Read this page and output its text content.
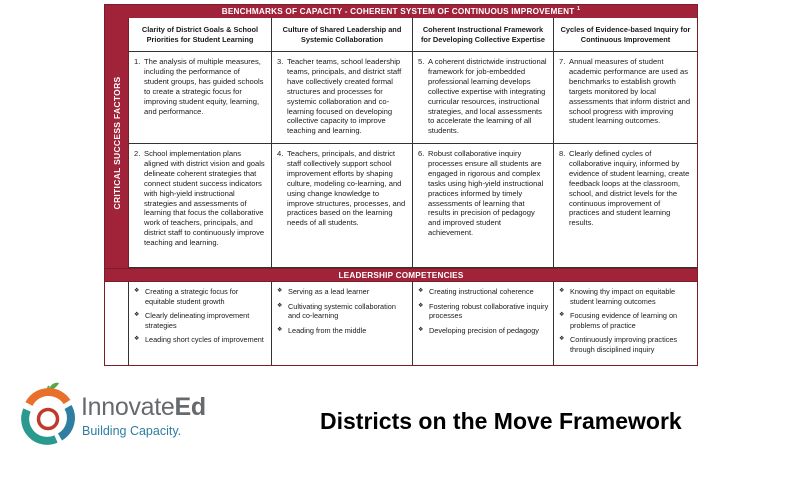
BENCHMARKS OF CAPACITY - COHERENT SYSTEM OF CONTINUOUS IMPROVEMENT $^1$
CRITICAL SUCCESS FACTORS
Clarity of District Goals & School Priorities for Student Learning
Culture of Shared Leadership and Systemic Collaboration
Coherent Instructional Framework for Developing Collective Expertise
Cycles of Evidence-based Inquiry for Continuous Improvement
1. The analysis of multiple measures, including the performance of student groups, has guided schools to create a strategic focus for improving student equity, learning, and performance.
3. Teacher teams, school leadership teams, principals, and district staff have collectively created formal structures and processes for systemic collaboration and co-learning focused on developing collective capacity to improve teaching and learning.
5. A coherent districtwide instructional framework for job-embedded professional learning develops collective expertise with integrating curricular resources, instructional strategies, and local assessments to accelerate the learning of all students.
7. Annual measures of student academic performance are used as benchmarks to establish growth targets monitored by local assessments that inform district and school progress with improving student learning outcomes.
2. School implementation plans aligned with district vision and goals delineate coherent strategies that connect student success indicators with high-yield instructional strategies and assessments of learning that focus the collaborative work of teachers, principals, and district staff to continuously improve teaching and learning.
4. Teachers, principals, and district staff collectively support school improvement efforts by shaping culture, modeling co-learning, and using change knowledge to improve structures, processes, and practices based on the learning needs of all students.
6. Robust collaborative inquiry processes ensure all students are engaged in rigorous and complex tasks using high-yield instructional practices informed by timely assessments of learning that results in precision of pedagogy and improved student achievement.
8. Clearly defined cycles of collaborative inquiry, informed by evidence of student learning, create feedback loops at the classroom, school, and district levels for the continuous improvement of practices and student learning results.
LEADERSHIP COMPETENCIES
❖ Creating a strategic focus for equitable student growth
❖ Clearly delineating improvement strategies
❖ Leading short cycles of improvement
❖ Serving as a lead learner
❖ Cultivating systemic collaboration and co-learning
❖ Leading from the middle
❖ Creating instructional coherence
❖ Fostering robust collaborative inquiry processes
❖ Developing precision of pedagogy
❖ Knowing thy impact on equitable student learning outcomes
❖ Focusing evidence of learning on problems of practice
❖ Continuously improving practices through disciplined inquiry
InnovateEd
Building Capacity.	Districts on the Move Framework
